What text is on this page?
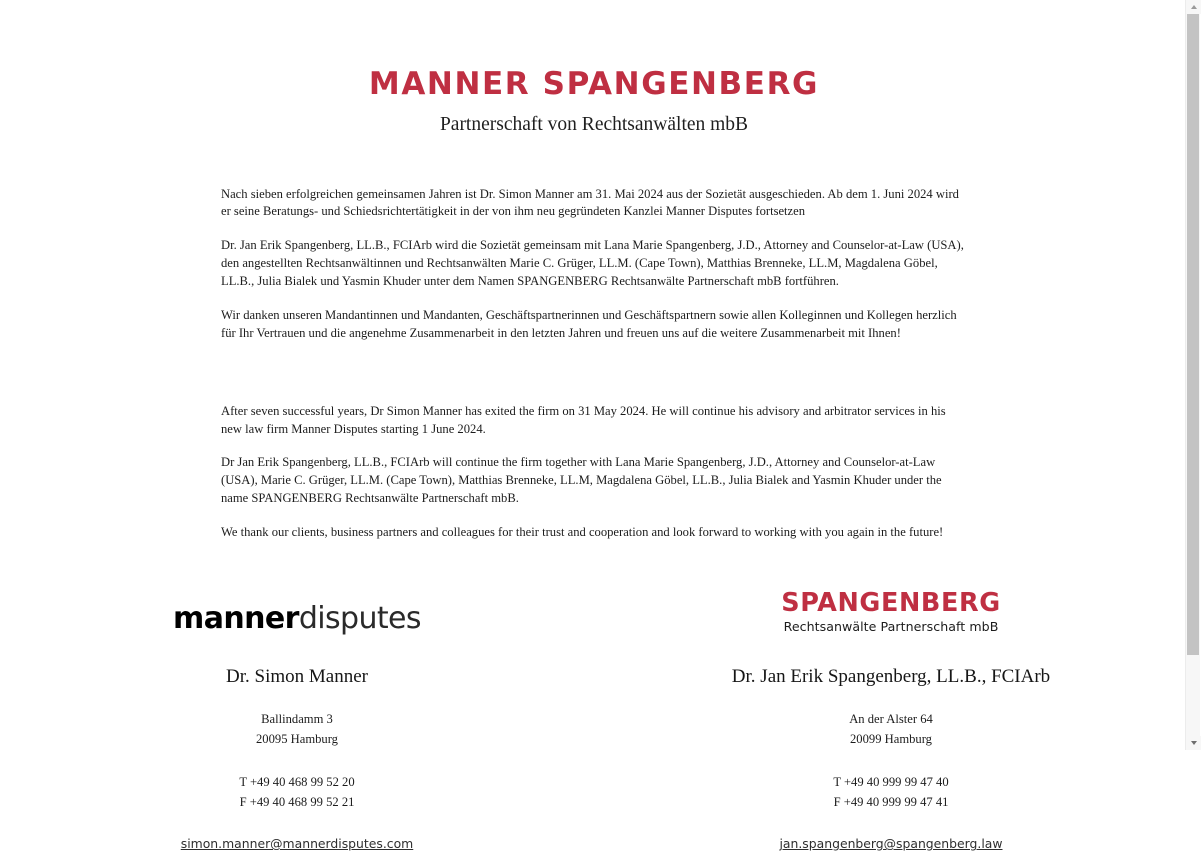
MANNER SPANGENBERG
Partnerschaft von Rechtsanwälten mbB

Nach sieben erfolgreichen gemeinsamen Jahren ist Dr. Simon Manner am 31. Mai 2024 aus der Sozietät ausgeschieden. Ab dem 1. Juni 2024 wird er seine Beratungs- und Schiedsrichtertätigkeit in der von ihm neu gegründeten Kanzlei Manner Disputes fortsetzen

Dr. Jan Erik Spangenberg, LL.B., FCIArb wird die Sozietät gemeinsam mit Lana Marie Spangenberg, J.D., Attorney and Counselor-at-Law (USA), den angestellten Rechtsanwältinnen und Rechtsanwälten Marie C. Grüger, LL.M. (Cape Town), Matthias Brenneke, LL.M, Magdalena Göbel, LL.B., Julia Bialek und Yasmin Khuder unter dem Namen SPANGENBERG Rechtsanwälte Partnerschaft mbB fortführen.

Wir danken unseren Mandantinnen und Mandanten, Geschäftspartnerinnen und Geschäftspartnern sowie allen Kolleginnen und Kollegen herzlich für Ihr Vertrauen und die angenehme Zusammenarbeit in den letzten Jahren und freuen uns auf die weitere Zusammenarbeit mit Ihnen!

After seven successful years, Dr Simon Manner has exited the firm on 31 May 2024. He will continue his advisory and arbitrator services in his new law firm Manner Disputes starting 1 June 2024.

Dr Jan Erik Spangenberg, LL.B., FCIArb will continue the firm together with Lana Marie Spangenberg, J.D., Attorney and Counselor-at-Law (USA), Marie C. Grüger, LL.M. (Cape Town), Matthias Brenneke, LL.M, Magdalena Göbel, LL.B., Julia Bialek and Yasmin Khuder under the name SPANGENBERG Rechtsanwälte Partnerschaft mbB.

We thank our clients, business partners and colleagues for their trust and cooperation and look forward to working with you again in the future!

mannerdisputes
Dr. Simon Manner
Ballindamm 3
20095 Hamburg
T +49 40 468 99 52 20
F +49 40 468 99 52 21
simon.manner@mannerdisputes.com
SPANGENBERG
Rechtsanwälte Partnerschaft mbB
Dr. Jan Erik Spangenberg, LL.B., FCIArb
An der Alster 64
20099 Hamburg
T +49 40 999 99 47 40
F +49 40 999 99 47 41
jan.spangenberg@spangenberg.law
